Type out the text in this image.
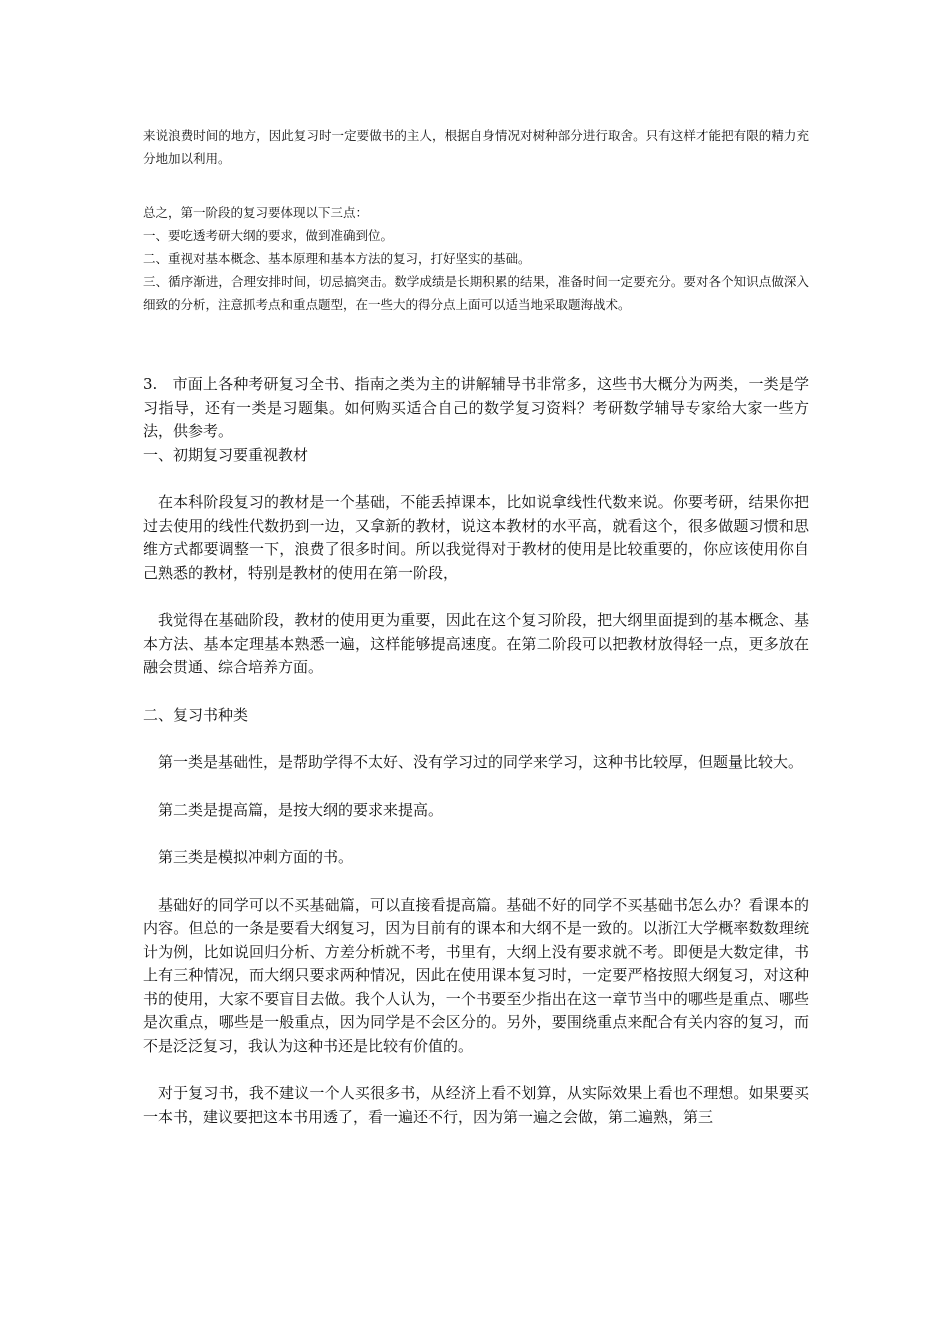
来说浪费时间的地方，因此复习时一定要做书的主人，根据自身情况对树种部分进行取舍。只有这样才能把有限的精力充分地加以利用。

总之，第一阶段的复习要体现以下三点：

一、要吃透考研大纲的要求，做到准确到位。

二、重视对基本概念、基本原理和基本方法的复习，打好坚实的基础。

三、循序渐进，合理安排时间，切忌搞突击。数学成绩是长期积累的结果，准备时间一定要充分。要对各个知识点做深入细致的分析，注意抓考点和重点题型，在一些大的得分点上面可以适当地采取题海战术。

3.　市面上各种考研复习全书、指南之类为主的讲解辅导书非常多，这些书大概分为两类，一类是学习指导，还有一类是习题集。如何购买适合自己的数学复习资料？考研数学辅导专家给大家一些方法，供参考。

一、初期复习要重视教材

在本科阶段复习的教材是一个基础，不能丢掉课本，比如说拿线性代数来说。你要考研，结果你把过去使用的线性代数扔到一边，又拿新的教材，说这本教材的水平高，就看这个，很多做题习惯和思维方式都要调整一下，浪费了很多时间。所以我觉得对于教材的使用是比较重要的，你应该使用你自己熟悉的教材，特别是教材的使用在第一阶段，

我觉得在基础阶段，教材的使用更为重要，因此在这个复习阶段，把大纲里面提到的基本概念、基本方法、基本定理基本熟悉一遍，这样能够提高速度。在第二阶段可以把教材放得轻一点，更多放在融会贯通、综合培养方面。

二、复习书种类

第一类是基础性，是帮助学得不太好、没有学习过的同学来学习，这种书比较厚，但题量比较大。

第二类是提高篇，是按大纲的要求来提高。

第三类是模拟冲刺方面的书。

基础好的同学可以不买基础篇，可以直接看提高篇。基础不好的同学不买基础书怎么办？看课本的内容。但总的一条是要看大纲复习，因为目前有的课本和大纲不是一致的。以浙江大学概率数数理统计为例，比如说回归分析、方差分析就不考，书里有，大纲上没有要求就不考。即便是大数定律，书上有三种情况，而大纲只要求两种情况，因此在使用课本复习时，一定要严格按照大纲复习，对这种书的使用，大家不要盲目去做。我个人认为，一个书要至少指出在这一章节当中的哪些是重点、哪些是次重点，哪些是一般重点，因为同学是不会区分的。另外，要围绕重点来配合有关内容的复习，而不是泛泛复习，我认为这种书还是比较有价值的。

对于复习书，我不建议一个人买很多书，从经济上看不划算，从实际效果上看也不理想。如果要买一本书，建议要把这本书用透了，看一遍还不行，因为第一遍之会做，第二遍熟，第三
